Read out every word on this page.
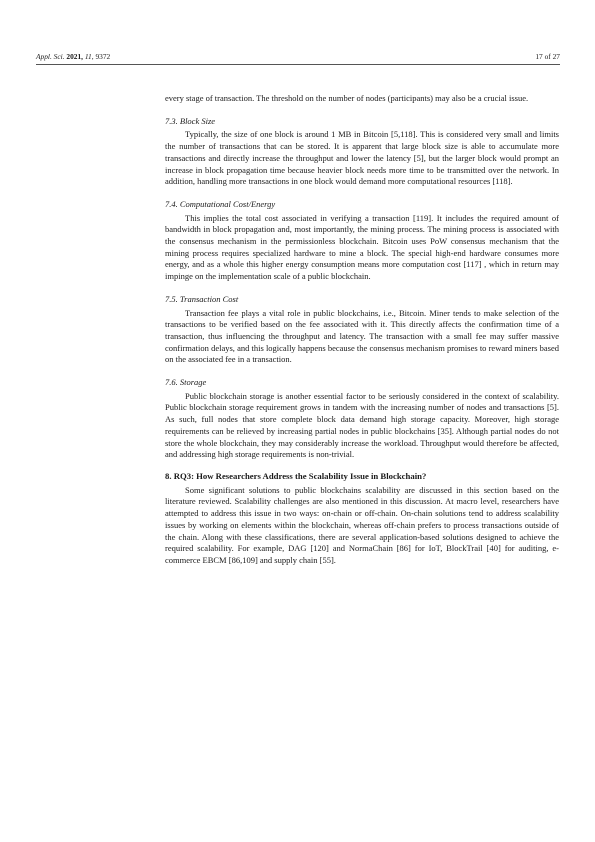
Appl. Sci. 2021, 11, 9372	17 of 27

every stage of transaction. The threshold on the number of nodes (participants) may also be a crucial issue.

7.3. Block Size

Typically, the size of one block is around 1 MB in Bitcoin [5,118]. This is considered very small and limits the number of transactions that can be stored. It is apparent that large block size is able to accumulate more transactions and directly increase the throughput and lower the latency [5], but the larger block would prompt an increase in block propagation time because heavier block needs more time to be transmitted over the network. In addition, handling more transactions in one block would demand more computational resources [118].

7.4. Computational Cost/Energy

This implies the total cost associated in verifying a transaction [119]. It includes the required amount of bandwidth in block propagation and, most importantly, the mining process. The mining process is associated with the consensus mechanism in the permissionless blockchain. Bitcoin uses PoW consensus mechanism that the mining process requires specialized hardware to mine a block. The special high-end hardware consumes more energy, and as a whole this higher energy consumption means more computation cost [117] , which in return may impinge on the implementation scale of a public blockchain.

7.5. Transaction Cost

Transaction fee plays a vital role in public blockchains, i.e., Bitcoin. Miner tends to make selection of the transactions to be verified based on the fee associated with it. This directly affects the confirmation time of a transaction, thus influencing the throughput and latency. The transaction with a small fee may suffer massive confirmation delays, and this logically happens because the consensus mechanism promises to reward miners based on the associated fee in a transaction.

7.6. Storage

Public blockchain storage is another essential factor to be seriously considered in the context of scalability. Public blockchain storage requirement grows in tandem with the increasing number of nodes and transactions [5]. As such, full nodes that store complete block data demand high storage capacity. Moreover, high storage requirements can be relieved by increasing partial nodes in public blockchains [35]. Although partial nodes do not store the whole blockchain, they may considerably increase the workload. Throughput would therefore be affected, and addressing high storage requirements is non-trivial.

8. RQ3: How Researchers Address the Scalability Issue in Blockchain?

Some significant solutions to public blockchains scalability are discussed in this section based on the literature reviewed. Scalability challenges are also mentioned in this discussion. At macro level, researchers have attempted to address this issue in two ways: on-chain or off-chain. On-chain solutions tend to address scalability issues by working on elements within the blockchain, whereas off-chain prefers to process transactions outside of the chain. Along with these classifications, there are several application-based solutions designed to achieve the required scalability. For example, DAG [120] and NormaChain [86] for IoT, BlockTrail [40] for auditing, e-commerce EBCM [86,109] and supply chain [55].
